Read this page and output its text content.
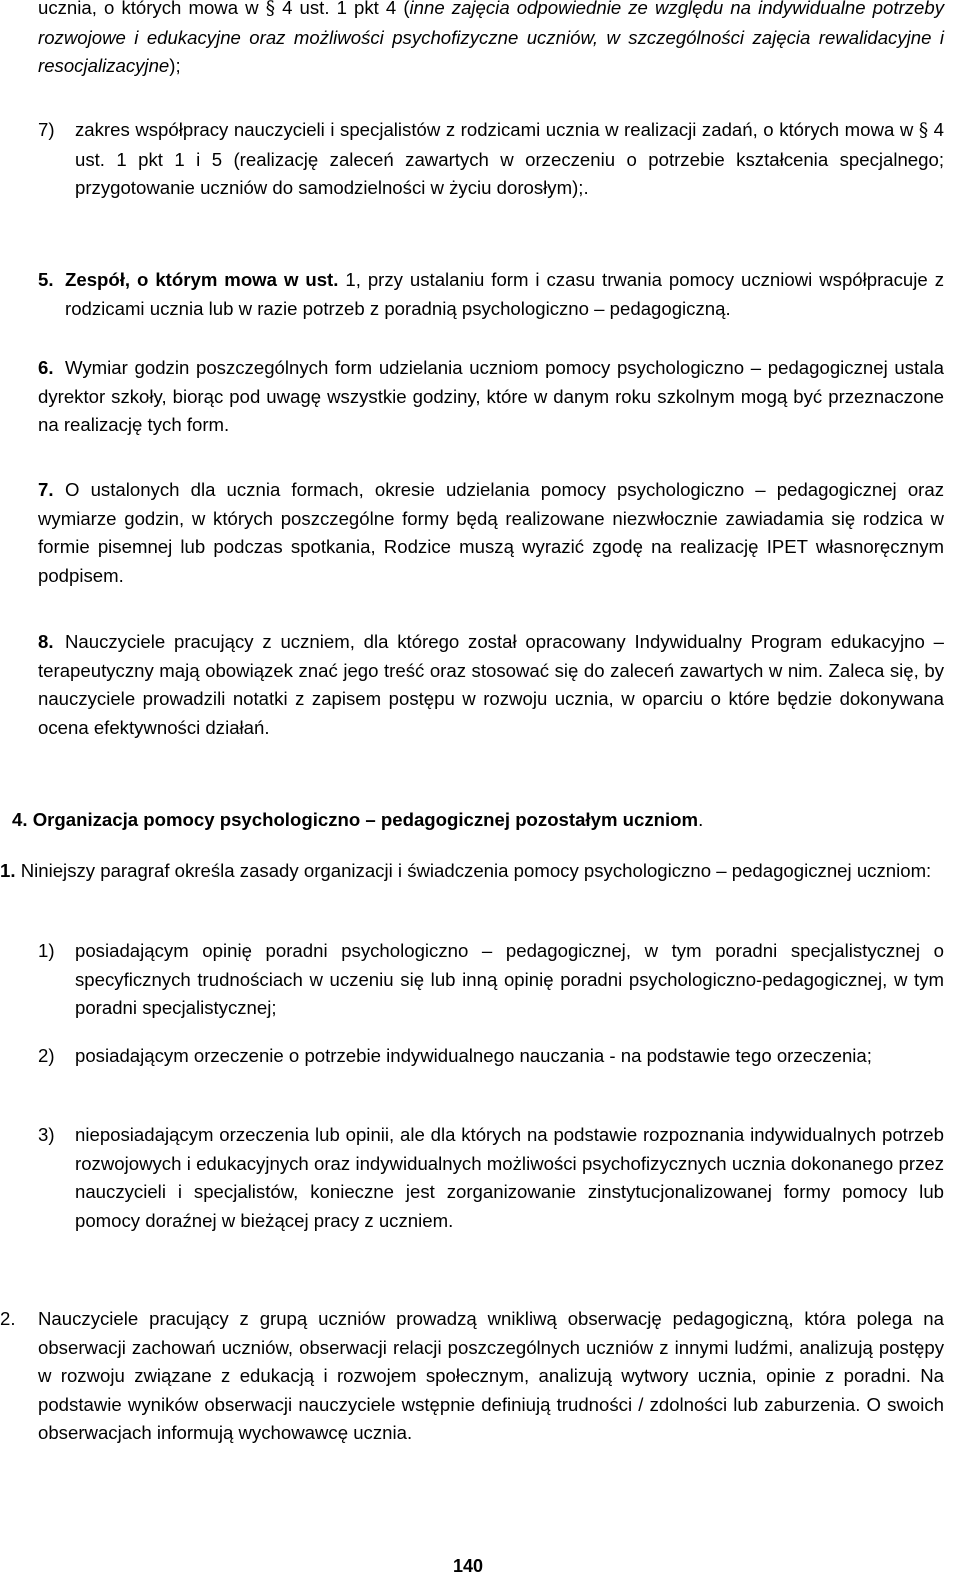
ucznia, o których mowa w § 4 ust. 1 pkt 4 (inne zajęcia odpowiednie ze względu na indywidualne potrzeby rozwojowe i edukacyjne oraz możliwości psychofizyczne uczniów, w szczególności zajęcia rewalidacyjne i resocjalizacyjne);

7) zakres współpracy nauczycieli i specjalistów z rodzicami ucznia w realizacji zadań, o których mowa w § 4 ust. 1 pkt 1 i 5 (realizację zaleceń zawartych w orzeczeniu o potrzebie kształcenia specjalnego; przygotowanie uczniów do samodzielności w życiu dorosłym);.

5. Zespół, o którym mowa w ust. 1, przy ustalaniu form i czasu trwania pomocy uczniowi współpracuje z rodzicami ucznia lub w razie potrzeb z poradnią psychologiczno – pedagogiczną.

6. Wymiar godzin poszczególnych form udzielania uczniom pomocy psychologiczno – pedagogicznej ustala dyrektor szkoły, biorąc pod uwagę wszystkie godziny, które w danym roku szkolnym mogą być przeznaczone na realizację tych form.

7. O ustalonych dla ucznia formach, okresie udzielania pomocy psychologiczno – pedagogicznej oraz wymiarze godzin, w których poszczególne formy będą realizowane niezwłocznie zawiadamia się rodzica w formie pisemnej lub podczas spotkania, Rodzice muszą wyrazić zgodę na realizację IPET własnoręcznym podpisem.

8. Nauczyciele pracujący z uczniem, dla którego został opracowany Indywidualny Program edukacyjno – terapeutyczny mają obowiązek znać jego treść oraz stosować się do zaleceń zawartych w nim. Zaleca się, by nauczyciele prowadzili notatki z zapisem postępu w rozwoju ucznia, w oparciu o które będzie dokonywana ocena efektywności działań.

4. Organizacja pomocy psychologiczno – pedagogicznej pozostałym uczniom.

1. Niniejszy paragraf określa zasady organizacji i świadczenia pomocy psychologiczno – pedagogicznej uczniom:

1) posiadającym opinię poradni psychologiczno – pedagogicznej, w tym poradni specjalistycznej o specyficznych trudnościach w uczeniu się lub inną opinię poradni psychologiczno-pedagogicznej, w tym poradni specjalistycznej;

2) posiadającym orzeczenie o potrzebie indywidualnego nauczania - na podstawie tego orzeczenia;

3) nieposiadającym orzeczenia lub opinii, ale dla których na podstawie rozpoznania indywidualnych potrzeb rozwojowych i edukacyjnych oraz indywidualnych możliwości psychofizycznych ucznia dokonanego przez nauczycieli i specjalistów, konieczne jest zorganizowanie zinstytucjonalizowanej formy pomocy lub pomocy doraźnej w bieżącej pracy z uczniem.

2. Nauczyciele pracujący z grupą uczniów prowadzą wnikliwą obserwację pedagogiczną, która polega na obserwacji zachowań uczniów, obserwacji relacji poszczególnych uczniów z innymi ludźmi, analizują postępy w rozwoju związane z edukacją i rozwojem społecznym, analizują wytwory ucznia, opinie z poradni. Na podstawie wyników obserwacji nauczyciele wstępnie definiują trudności / zdolności lub zaburzenia. O swoich obserwacjach informują wychowawcę ucznia.

140
